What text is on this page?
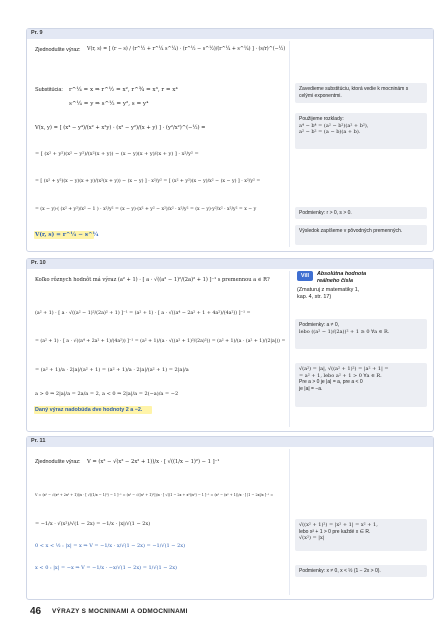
Pr. 9
Zjednodušte výraz: V(r, s) = [ (r − s) / (r^½ + r^¼ s^¼) · (r^½ − s^½)/(r^¼ + s^¼) ] · (s/r)^(−½)
Substitúcia: r^¼ = x ⇒ r^½ = x², r^¾ = x³, r = x⁴
s^¼ = y ⇒ s^½ = y², s = y⁴
V(x, y) = [ (x⁴ − y⁴)/(x² + x²y) · (x² − y²)/(x + y) ] · (y²/x²)^(−½) =
= [ (x² + y²)(x² − y²)/(x²(x + y)) − (x − y)(x + y)/(x + y) ] · x²/y² =
= [ (x² + y²)(x − y)(x + y)/(x²(x + y)) − (x − y) ] · x²/y² = [ (x² + y²)(x − y)/x² − (x − y) ] · x²/y² =
= (x − y)·( (x² + y²)/x² − 1 ) · x²/y² = (x − y)·(x² + y² − x²)/x² · x²/y² = (x − y)·y²/x² · x²/y² = x − y
V(r, s) = r^¼ − s^¼
Zavedieme substitúciu, ktorá vedie k mocninám s celými exponentmi.
Použijeme rozklady:
a⁴ − b⁴ = (a² − b²)(a² + b²),
a² − b² = (a − b)(a + b).
Podmienky: r > 0, s > 0.
Výsledok zapíšeme v pôvodných premenných.
Pr. 10
Koľko rôznych hodnôt má výraz (a² + 1) · [ a · √((a² − 1)²/(2a)² + 1) ]⁻¹ s premennou a ∈ R?
(a² + 1) · [ a · √((a² − 1)²/(2a)² + 1) ]⁻¹ = (a² + 1) · [ a · √((a⁴ − 2a² + 1 + 4a²)/(4a²)) ]⁻¹ =
= (a² + 1) · [ a · √((a⁴ + 2a² + 1)/(4a²)) ]⁻¹ = (a² + 1)/(a · √((a² + 1)²/(2a)²)) = (a² + 1)/(a · (a² + 1)/(2|a|)) =
= (a² + 1)/a · 2|a|/(a² + 1) = (a² + 1)/a · 2|a|/(a² + 1) = 2|a|/a
a > 0 ⇒ 2|a|/a = 2a/a = 2, a < 0 ⇒ 2|a|/a = 2(−a)/a = −2
Daný výraz nadobúda dve hodnoty 2 a −2.
Vill	Absolútna hodnota
reálneho čísla
(Zmaturuj z matematiky 1,
kap. 4, str. 17)
Podmienky: a ≠ 0,
lebo ((a² − 1)/(2a))² + 1 ≥ 0 ∀a ∈ R.
√(a²) = |a|, √((a² + 1)²) = |a² + 1| =
= a² + 1, lebo a² + 1 > 0 ∀a ∈ R.
Pre a > 0 je |a| = a, pre a < 0
je |a| = −a.
Pr. 11
Zjednodušte výraz: V = (x² − √(x² − 2x² + 1))/x · [ √((1/x − 1)²) − 1 ]⁻¹
V = (x² − √(x⁴ + 2x² + 1))/x · [ √((1/x − 1)²) − 1 ]⁻¹ = (x² − √((x² + 1)²))/x · [ √((1 − 2x + x²)/x²) − 1 ]⁻¹ = (x² − (x² + 1))/x · [ |1 − 2x|/x ]⁻¹ =
= −1/x · √(x²)/√(1 − 2x) = −1/x · |x|/√(1 − 2x)
0 < x < ½ : |x| = x ⇒ V = −1/x · x/√(1 − 2x) = −1/√(1 − 2x)
x < 0 : |x| = −x ⇒ V = −1/x · −x/√(1 − 2x) = 1/√(1 − 2x)
√((x² + 1)²) = |x² + 1| = x² + 1,
lebo x² + 1 > 0 pre každé x ∈ R.
√(x²) = |x|
Podmienky: x ≠ 0, x < ½ (1 − 2x > 0).
46 VÝRAZY S MOCNINAMI A ODMOCNINAMI
